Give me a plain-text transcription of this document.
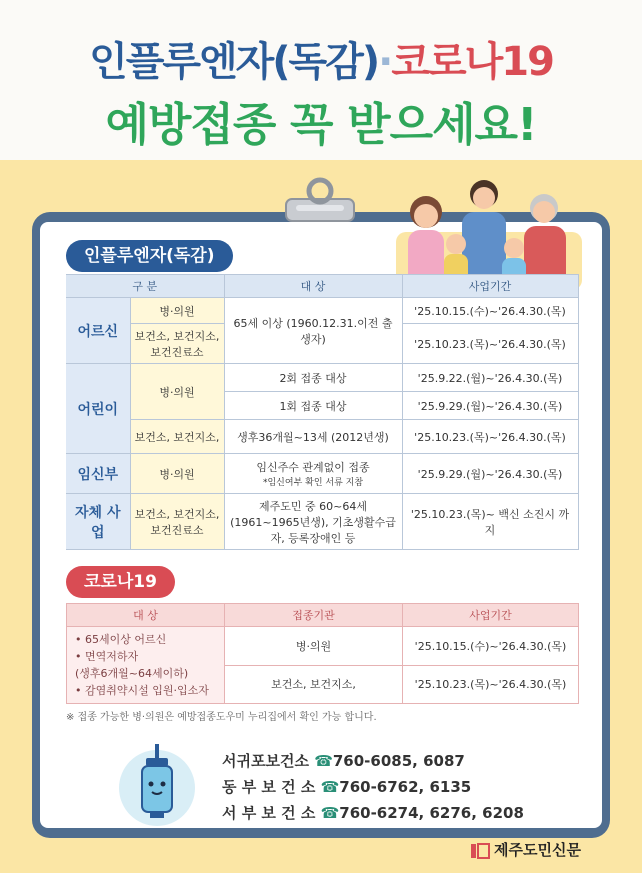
인플루엔자(독감)·코로나19
예방접종 꼭 받으세요!
인플루엔자(독감)
구 분		대 상	사업기간
어르신	병·의원	65세 이상 (1960.12.31.이전 출생자)	'25.10.15.(수)~'26.4.30.(목)
	보건소, 보건지소, 보건진료소		'25.10.23.(목)~'26.4.30.(목)
어린이	병·의원	2회 접종 대상	'25.9.22.(월)~'26.4.30.(목)
		1회 접종 대상	'25.9.29.(월)~'26.4.30.(목)
	보건소, 보건지소,	생후36개월~13세 (2012년생)	'25.10.23.(목)~'26.4.30.(목)
임신부	병·의원	임신주수 관계없이 접종
*임신여부 확인 서류 지참	'25.9.29.(월)~'26.4.30.(목)
자체 사업	보건소, 보건지소, 보건진료소	제주도민 중 60~64세 (1961~1965년생), 기초생활수급자, 등록장애인 등	'25.10.23.(목)~ 백신 소진시 까지
코로나19
대 상	접종기관	사업기간

• 65세이상 어르신
• 면역저하자
(생후6개월~64세이하)
• 감염취약시설 입원·입소자	병·의원	'25.10.15.(수)~'26.4.30.(목)
	보건소, 보건지소,	'25.10.23.(목)~'26.4.30.(목)
※ 접종 가능한 병·의원은 예방접종도우미 누리집에서 확인 가능 합니다.
서귀포보건소 ☎760-6085, 6087
동 부 보 건 소 ☎760-6762, 6135
서 부 보 건 소 ☎760-6274, 6276, 6208
제주도민신문
